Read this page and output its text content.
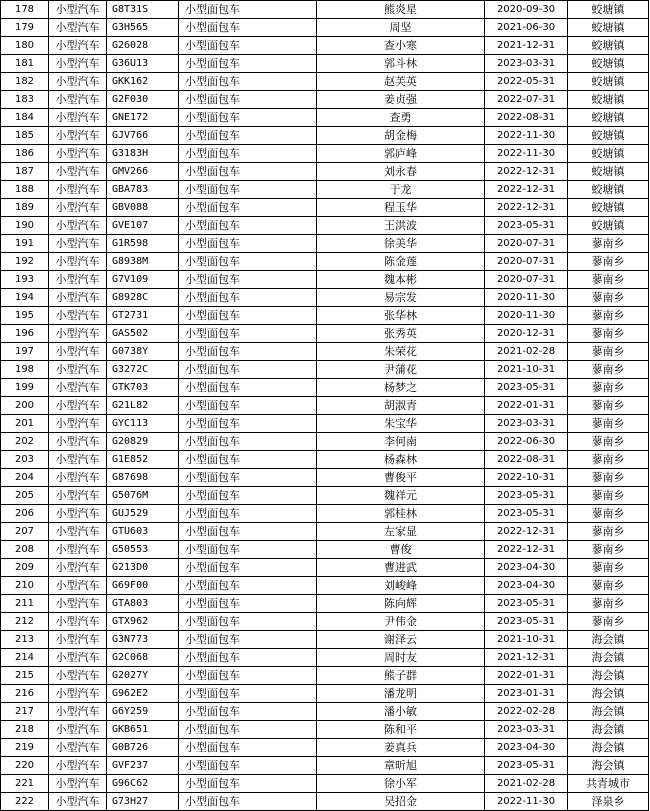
178	小型汽车	G8T31S	小型面包车	熊炎星	2020-09-30	蛟塘镇
179	小型汽车	G3H565	小型面包车	周坚	2021-06-30	蛟塘镇
180	小型汽车	G26028	小型面包车	查小寒	2021-12-31	蛟塘镇
181	小型汽车	G36U13	小型面包车	郭斗林	2023-03-31	蛟塘镇
182	小型汽车	GKK162	小型面包车	赵芙英	2022-05-31	蛟塘镇
183	小型汽车	G2F030	小型面包车	姜贞强	2022-07-31	蛟塘镇
184	小型汽车	GNE172	小型面包车	查勇	2022-08-31	蛟塘镇
185	小型汽车	GJV766	小型面包车	胡金梅	2022-11-30	蛟塘镇
186	小型汽车	G3183H	小型面包车	郭庐峰	2022-11-30	蛟塘镇
187	小型汽车	GMV266	小型面包车	刘永春	2022-12-31	蛟塘镇
188	小型汽车	GBA783	小型面包车	于龙	2022-12-31	蛟塘镇
189	小型汽车	GBV088	小型面包车	程玉华	2022-12-31	蛟塘镇
190	小型汽车	GVE107	小型面包车	王洪波	2023-05-31	蛟塘镇
191	小型汽车	G1R598	小型面包车	徐美华	2020-07-31	蓼南乡
192	小型汽车	G8938M	小型面包车	陈金莲	2020-07-31	蓼南乡
193	小型汽车	G7V109	小型面包车	魏本彬	2020-07-31	蓼南乡
194	小型汽车	G8928C	小型面包车	易宗发	2020-11-30	蓼南乡
195	小型汽车	GT2731	小型面包车	张华林	2020-11-30	蓼南乡
196	小型汽车	GAS502	小型面包车	张秀英	2020-12-31	蓼南乡
197	小型汽车	G0738Y	小型面包车	朱荣花	2021-02-28	蓼南乡
198	小型汽车	G3272C	小型面包车	尹蒲花	2021-10-31	蓼南乡
199	小型汽车	GTK703	小型面包车	杨梦之	2023-05-31	蓼南乡
200	小型汽车	G21L82	小型面包车	胡淑青	2022-01-31	蓼南乡
201	小型汽车	GYC113	小型面包车	朱宝华	2023-03-31	蓼南乡
202	小型汽车	G20829	小型面包车	李何南	2022-06-30	蓼南乡
203	小型汽车	G1E852	小型面包车	杨森林	2022-08-31	蓼南乡
204	小型汽车	G87698	小型面包车	曹俊平	2022-10-31	蓼南乡
205	小型汽车	G5076M	小型面包车	魏祥元	2023-05-31	蓼南乡
206	小型汽车	GUJ529	小型面包车	郭桂林	2023-05-31	蓼南乡
207	小型汽车	GTU603	小型面包车	左家显	2022-12-31	蓼南乡
208	小型汽车	G50553	小型面包车	曹俊	2022-12-31	蓼南乡
209	小型汽车	G213D0	小型面包车	曹进武	2023-04-30	蓼南乡
210	小型汽车	G69F00	小型面包车	刘峻峰	2023-04-30	蓼南乡
211	小型汽车	GTA803	小型面包车	陈向辉	2023-05-31	蓼南乡
212	小型汽车	GTX962	小型面包车	尹伟金	2023-05-31	蓼南乡
213	小型汽车	G3N773	小型面包车	谢泽云	2021-10-31	海会镇
214	小型汽车	G2C068	小型面包车	周时友	2021-12-31	海会镇
215	小型汽车	G2027Y	小型面包车	熊子群	2022-01-31	海会镇
216	小型汽车	G962E2	小型面包车	潘龙明	2023-01-31	海会镇
217	小型汽车	G6Y259	小型面包车	潘小敏	2022-02-28	海会镇
218	小型汽车	GKB651	小型面包车	陈和平	2023-03-31	海会镇
219	小型汽车	G0B726	小型面包车	姜真兵	2023-04-30	海会镇
220	小型汽车	GVF237	小型面包车	章昕旭	2023-05-31	海会镇
221	小型汽车	G96C62	小型面包车	徐小军	2021-02-28	共青城市
222	小型汽车	G73H27	小型面包车	吴招金	2022-11-30	泽泉乡
